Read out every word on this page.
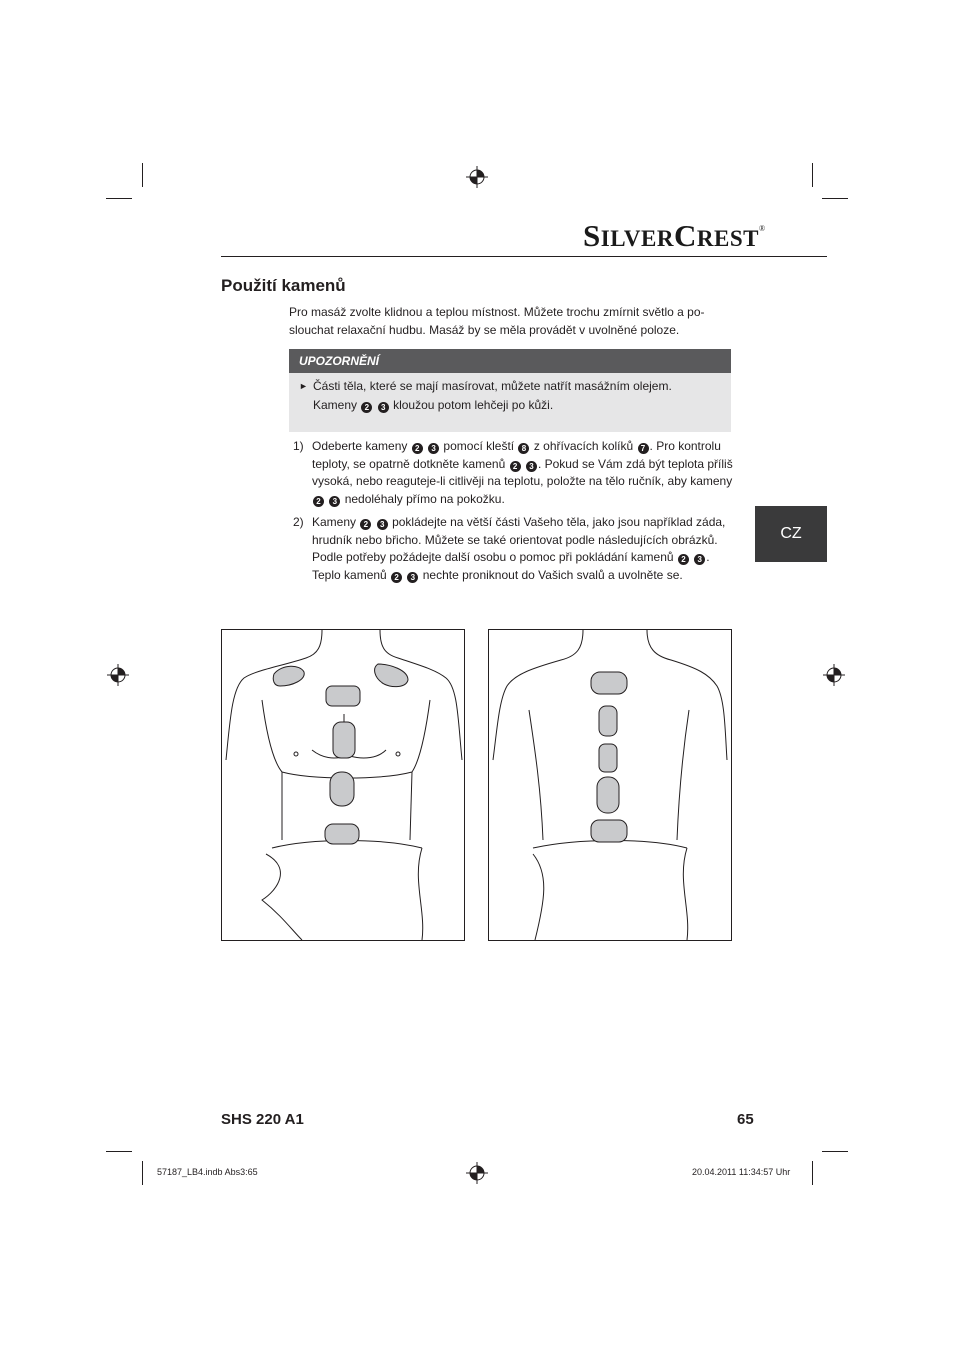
SILVERCREST®
Použití kamenů
Pro masáž zvolte klidnou a teplou místnost. Můžete trochu zmírnit světlo a po-slouchat relaxační hudbu. Masáž by se měla provádět v uvolněné poloze.
UPOZORNĚNÍ
► Části těla, které se mají masírovat, můžete natřít masážním olejem.
Kameny 2 3 kloužou potom lehčeji po kůži.
1) Odeberte kameny 2 3 pomocí kleští 8 z ohřívacích kolíků 7 . Pro kontrolu teploty, se opatrně dotkněte kamenů 2 3 . Pokud se Vám zdá být teplota příliš vysoká, nebo reaguteje-li citlivěji na teplotu, položte na tělo ručník, aby kameny 2 3 nedoléhaly přímo na pokožku.
2) Kameny 2 3 pokládejte na větší části Vašeho těla, jako jsou například záda, hrudník nebo břicho. Můžete se také orientovat podle následujících obrázků. Podle potřeby požádejte další osobu o pomoc při pokládání kamenů 2 3 .
Teplo kamenů 2 3 nechte proniknout do Vašich svalů a uvolněte se.
CZ
SHS 220 A1	65
57187_LB4.indb Abs3:65	20.04.2011 11:34:57 Uhr
